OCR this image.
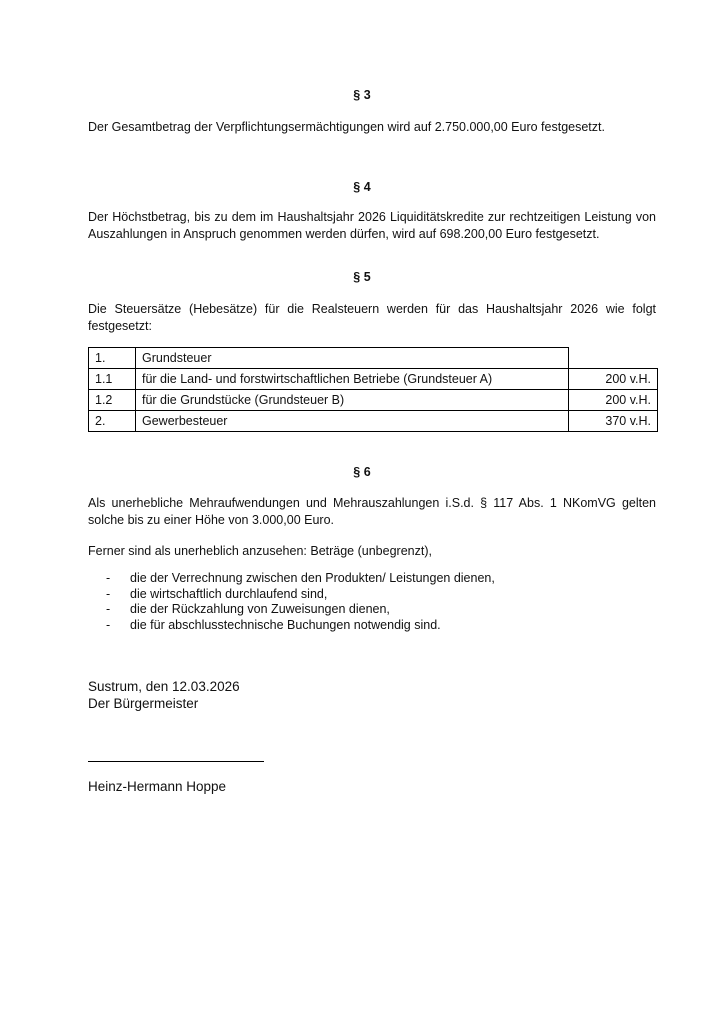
§ 3
Der Gesamtbetrag der Verpflichtungsermächtigungen wird auf 2.750.000,00 Euro festgesetzt.
§ 4
Der Höchstbetrag, bis zu dem im Haushaltsjahr 2026 Liquiditätskredite zur rechtzeitigen Leistung von Auszahlungen in Anspruch genommen werden dürfen, wird auf 698.200,00 Euro festgesetzt.
§ 5
Die Steuersätze (Hebesätze) für die Realsteuern werden für das Haushaltsjahr 2026 wie folgt festgesetzt:
1.	Grundsteuer	
1.1	für die Land- und forstwirtschaftlichen Betriebe (Grundsteuer A)	200 v.H.
1.2	für die Grundstücke (Grundsteuer B)	200 v.H.
2.	Gewerbesteuer	370 v.H.
§ 6
Als unerhebliche Mehraufwendungen und Mehrauszahlungen i.S.d. § 117 Abs. 1 NKomVG gelten solche bis zu einer Höhe von 3.000,00 Euro.
Ferner sind als unerheblich anzusehen: Beträge (unbegrenzt),
- die der Verrechnung zwischen den Produkten/ Leistungen dienen,
- die wirtschaftlich durchlaufend sind,
- die der Rückzahlung von Zuweisungen dienen,
- die für abschlusstechnische Buchungen notwendig sind.
Sustrum, den 12.03.2026
Der Bürgermeister
Heinz-Hermann Hoppe
